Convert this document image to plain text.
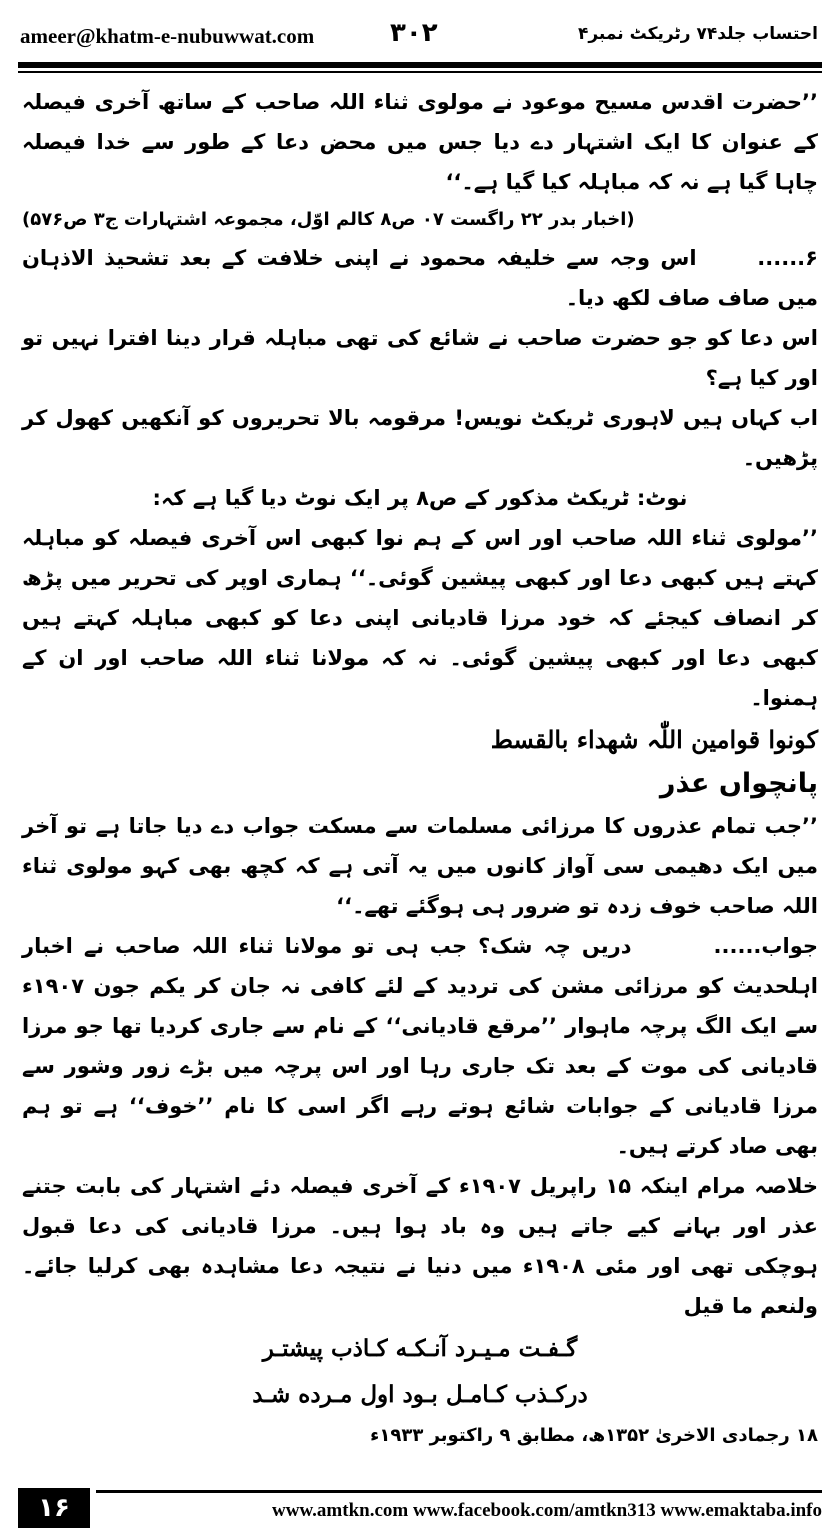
ameer@khatm-e-nubuwwat.com	۳۰۲	احتساب جلد۷۴ رٹریکٹ نمبر۴
’’حضرت اقدس مسیح موعود نے مولوی ثناء اللہ صاحب کے ساتھ آخری فیصلہ کے عنوان کا ایک اشتہار دے دیا جس میں محض دعا کے طور سے خدا فیصلہ چاہا گیا ہے نہ کہ مباہلہ کیا گیا ہے۔‘‘
(اخبار بدر ۲۲ راگست ۰۷ ص۸ کالم اوّل، مجموعہ اشتہارات ج۳ ص۵۷۶)
۶......  اس وجہ سے خلیفہ محمود نے اپنی خلافت کے بعد تشحیذ الاذہان میں صاف صاف لکھ دیا۔
اس دعا کو جو حضرت صاحب نے شائع کی تھی مباہلہ قرار دینا افترا نہیں تو اور کیا ہے؟
اب کہاں ہیں لاہوری ٹریکٹ نویس! مرقومہ بالا تحریروں کو آنکھیں کھول کر پڑھیں۔
نوٹ: ٹریکٹ مذکور کے ص۸ پر ایک نوٹ دیا گیا ہے کہ:
’’مولوی ثناء اللہ صاحب اور اس کے ہم نوا کبھی اس آخری فیصلہ کو مباہلہ کہتے ہیں کبھی دعا اور کبھی پیشین گوئی۔‘‘ ہماری اوپر کی تحریر میں پڑھ کر انصاف کیجئے کہ خود مرزا قادیانی اپنی دعا کو کبھی مباہلہ کہتے ہیں کبھی دعا اور کبھی پیشین گوئی۔ نہ کہ مولانا ثناء اللہ صاحب اور ان کے ہمنوا۔
کونوا قوامین اللّٰہ شهداء بالقسط
پانچواں عذر
’’جب تمام عذروں کا مرزائی مسلمات سے مسکت جواب دے دیا جاتا ہے تو آخر میں ایک دھیمی سی آواز کانوں میں یہ آتی ہے کہ کچھ بھی کہو مولوی ثناء اللہ صاحب خوف زدہ تو ضرور ہی ہوگئے تھے۔‘‘
جواب......  دریں چہ شک؟ جب ہی تو مولانا ثناء اللہ صاحب نے اخبار اہلحدیث کو مرزائی مشن کی تردید کے لئے کافی نہ جان کر یکم جون ۱۹۰۷ء سے ایک الگ پرچہ ماہوار ’’مرقع قادیانی‘‘ کے نام سے جاری کردیا تھا جو مرزا قادیانی کی موت کے بعد تک جاری رہا اور اس پرچہ میں بڑے زور وشور سے مرزا قادیانی کے جوابات شائع ہوتے رہے اگر اسی کا نام ’’خوف‘‘ ہے تو ہم بھی صاد کرتے ہیں۔
خلاصہ مرام اینکہ ۱۵ راپریل ۱۹۰۷ء کے آخری فیصلہ دئے اشتہار کی بابت جتنے عذر اور بہانے کیے جاتے ہیں وہ باد ہوا ہیں۔ مرزا قادیانی کی دعا قبول ہوچکی تھی اور مئی ۱۹۰۸ء میں دنیا نے نتیجہ دعا مشاہدہ بھی کرلیا جائے۔ ولنعم ما قیل
گـفـت مـیـرد آنـکـه کـاذب پیشتـر
درکـذب کـامـل بـود اول مـرده شـد
۱۸ رجمادی الاخریٰ ۱۳۵۲ھ، مطابق ۹ راکتوبر ۱۹۳۳ء
۱۶	www.amtkn.com www.facebook.com/amtkn313 www.emaktaba.info
